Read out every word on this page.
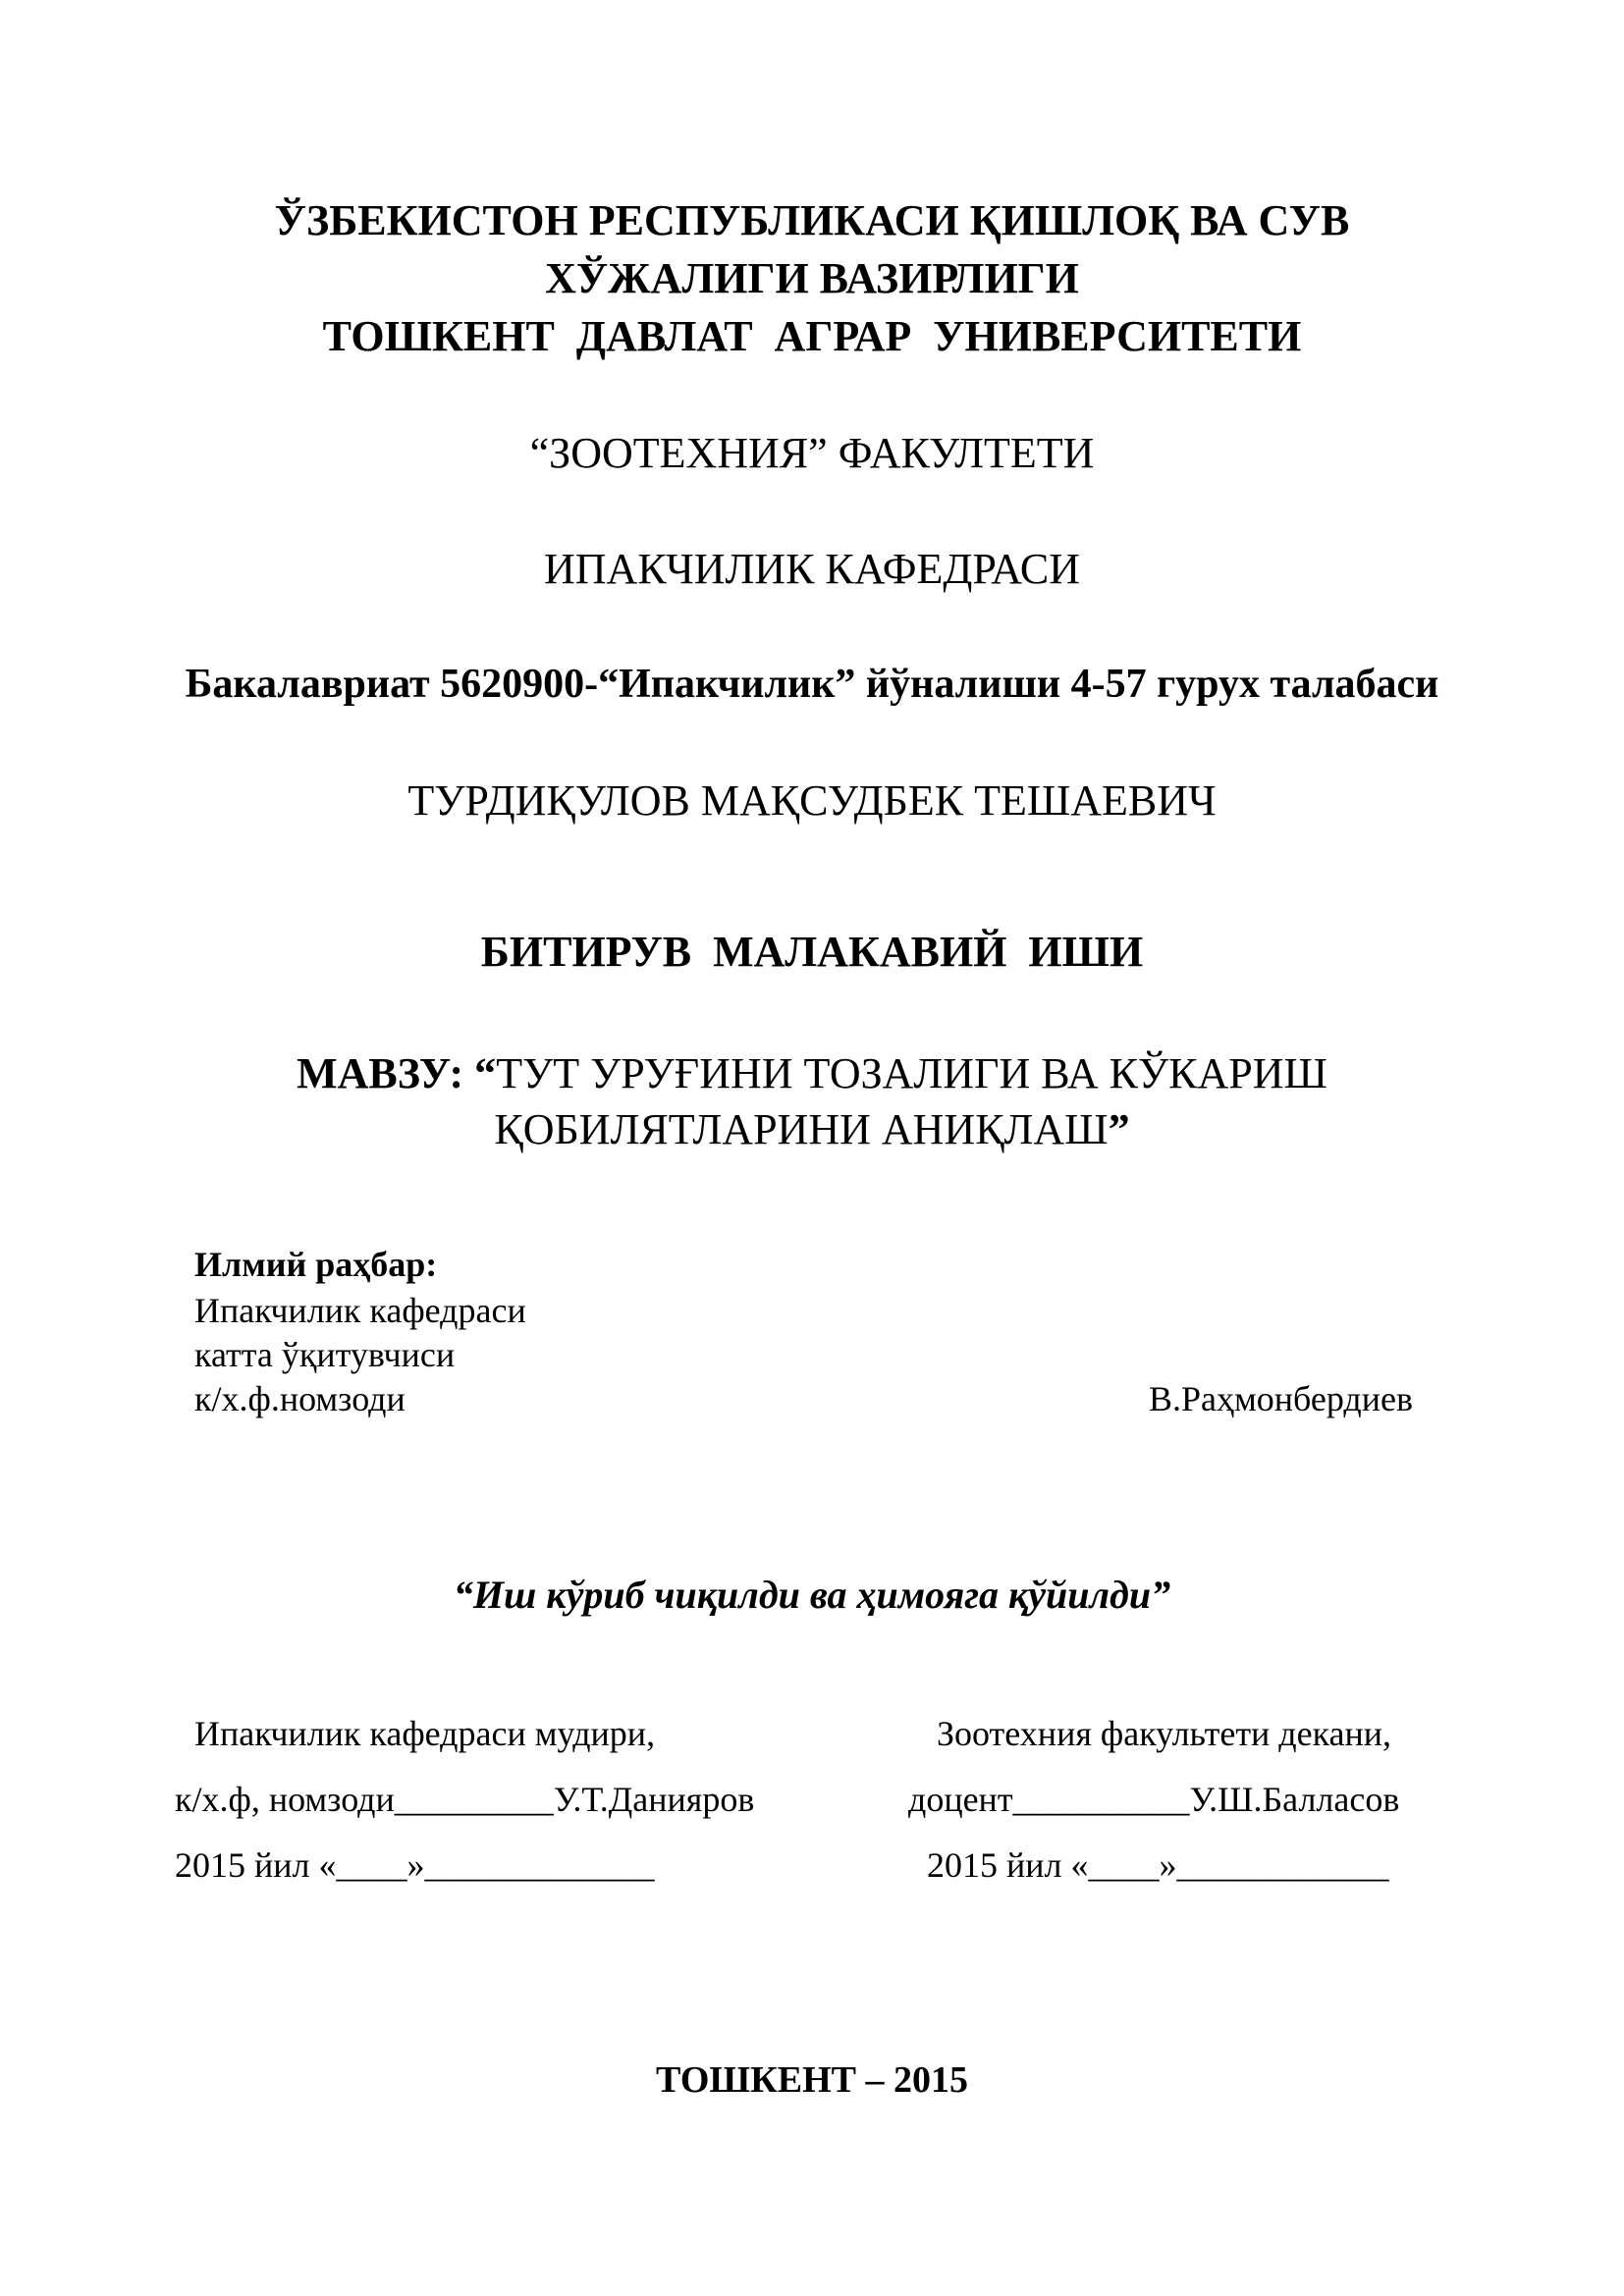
ЎЗБЕКИСТОН РЕСПУБЛИКАСИ ҚИШЛОҚ ВА СУВ
ХЎЖАЛИГИ ВАЗИРЛИГИ
ТОШКЕНТ  ДАВЛАТ  АГРАР  УНИВЕРСИТЕТИ
“ЗООТЕХНИЯ” ФАКУЛТЕТИ
ИПАКЧИЛИК КАФЕДРАСИ
Бакалавриат 5620900-“Ипакчилик” йўналиши 4-57 гурух талабаси
ТУРДИҚУЛОВ МАҚСУДБЕК ТЕШАЕВИЧ
БИТИРУВ  МАЛАКАВИЙ  ИШИ
МАВЗУ: “ТУТ УРУҒИНИ ТОЗАЛИГИ ВА КЎКАРИШ
ҚОБИЛЯТЛАРИНИ АНИҚЛАШ”
Илмий раҳбар:
Ипакчилик кафедраси
катта ўқитувчиси
к/х.ф.номзоди	В.Раҳмонбердиев
“Иш кўриб чиқилди ва ҳимояга қўйилди”
Ипакчилик кафедраси мудири,	Зоотехния факультети декани,
к/х.ф, номзоди_________У.Т.Данияров	доцент__________У.Ш.Балласов
2015 йил «____»_____________	2015 йил «____»____________
ТОШКЕНТ – 2015
